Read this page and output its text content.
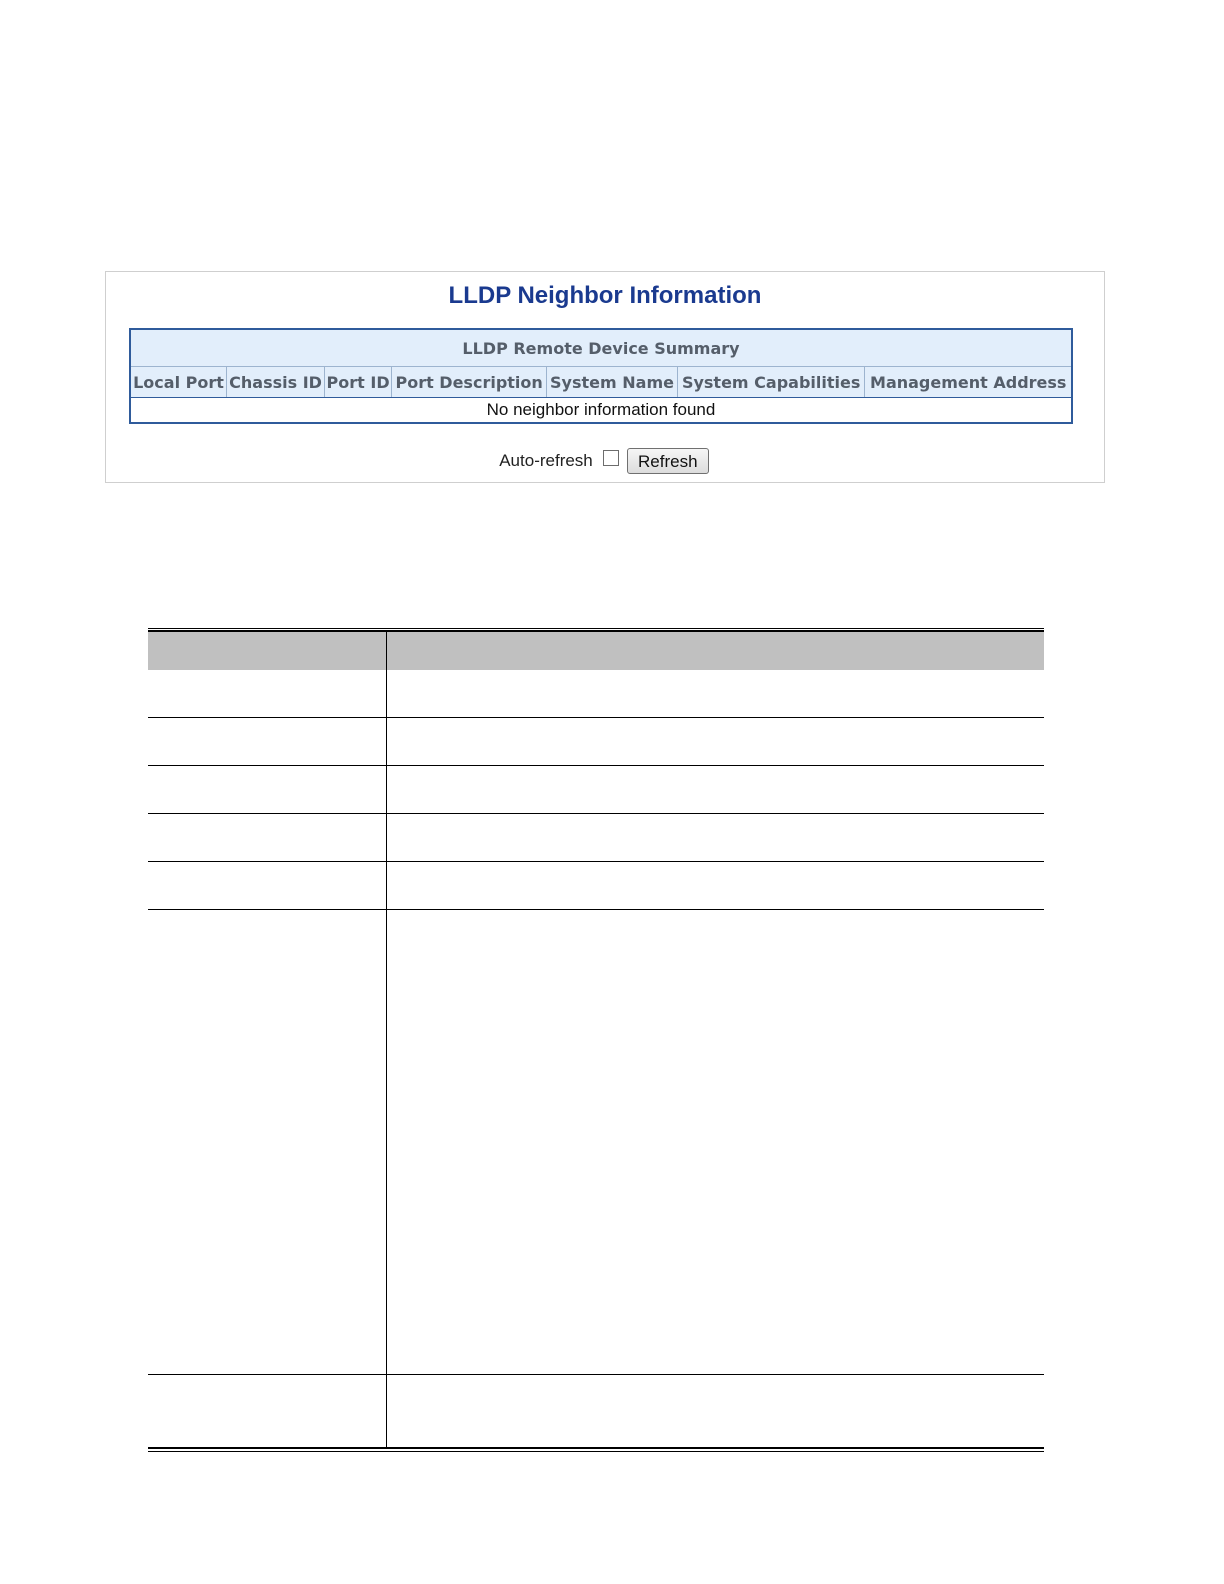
LLDP Neighbor Information
LLDP Remote Device Summary
Local Port	Chassis ID	Port ID	Port Description	System Name	System Capabilities	Management Address
No neighbor information found
Auto-refresh	Refresh
